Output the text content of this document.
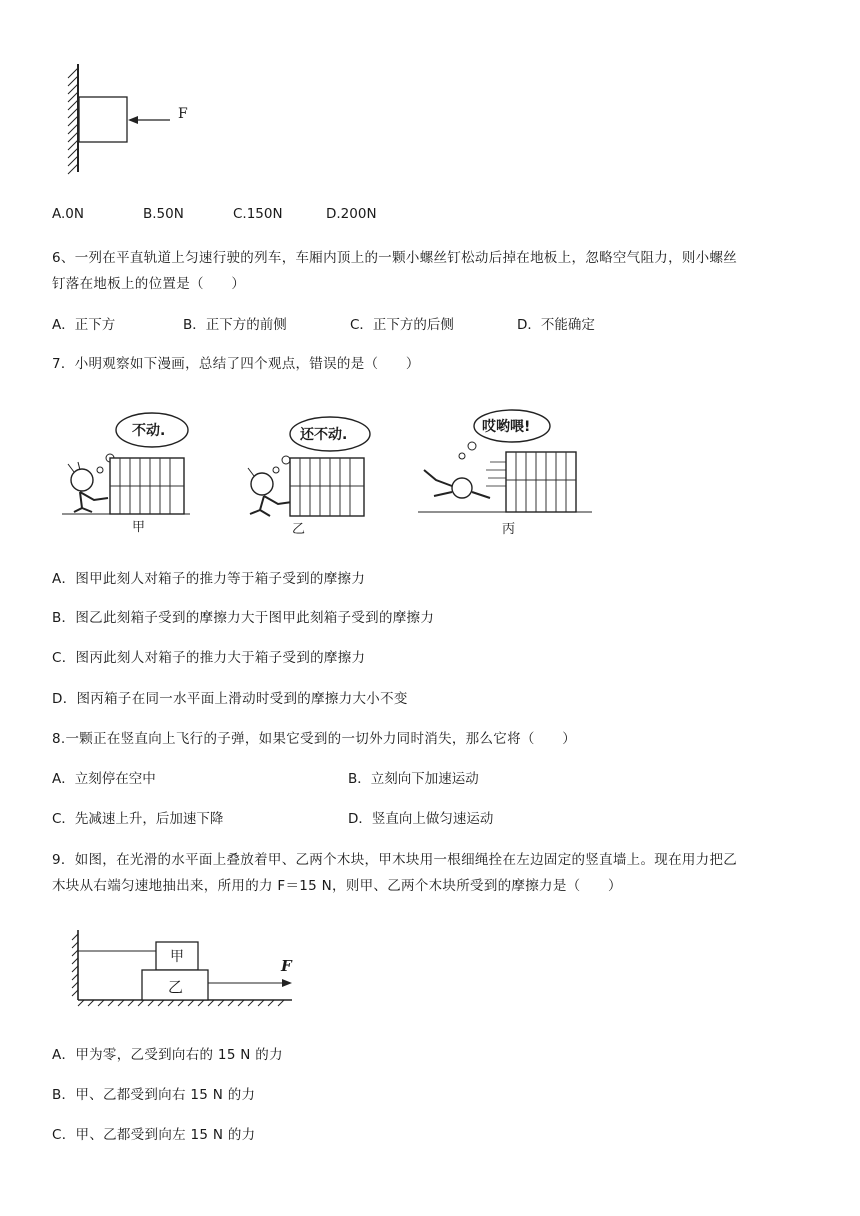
F
A.0N	B.50N	C.150N	D.200N
6、一列在平直轨道上匀速行驶的列车，车厢内顶上的一颗小螺丝钉松动后掉在地板上，忽略空气阻力，则小螺丝
钉落在地板上的位置是（　　）
A．正下方	B．正下方的前侧	C．正下方的后侧	D．不能确定
7．小明观察如下漫画，总结了四个观点，错误的是（　　）
不动.
甲
还不动.
乙
哎哟喂!
丙
A．图甲此刻人对箱子的推力等于箱子受到的摩擦力
B．图乙此刻箱子受到的摩擦力大于图甲此刻箱子受到的摩擦力
C．图丙此刻人对箱子的推力大于箱子受到的摩擦力
D．图丙箱子在同一水平面上滑动时受到的摩擦力大小不变
8.一颗正在竖直向上飞行的子弹，如果它受到的一切外力同时消失，那么它将（　　）
A．立刻停在空中	B．立刻向下加速运动
C．先减速上升，后加速下降	D．竖直向上做匀速运动
9．如图，在光滑的水平面上叠放着甲、乙两个木块，甲木块用一根细绳拴在左边固定的竖直墙上。现在用力把乙
木块从右端匀速地抽出来，所用的力 F＝15 N，则甲、乙两个木块所受到的摩擦力是（　　）
甲
乙
F
A．甲为零，乙受到向右的 15 N 的力
B．甲、乙都受到向右 15 N 的力
C．甲、乙都受到向左 15 N 的力
